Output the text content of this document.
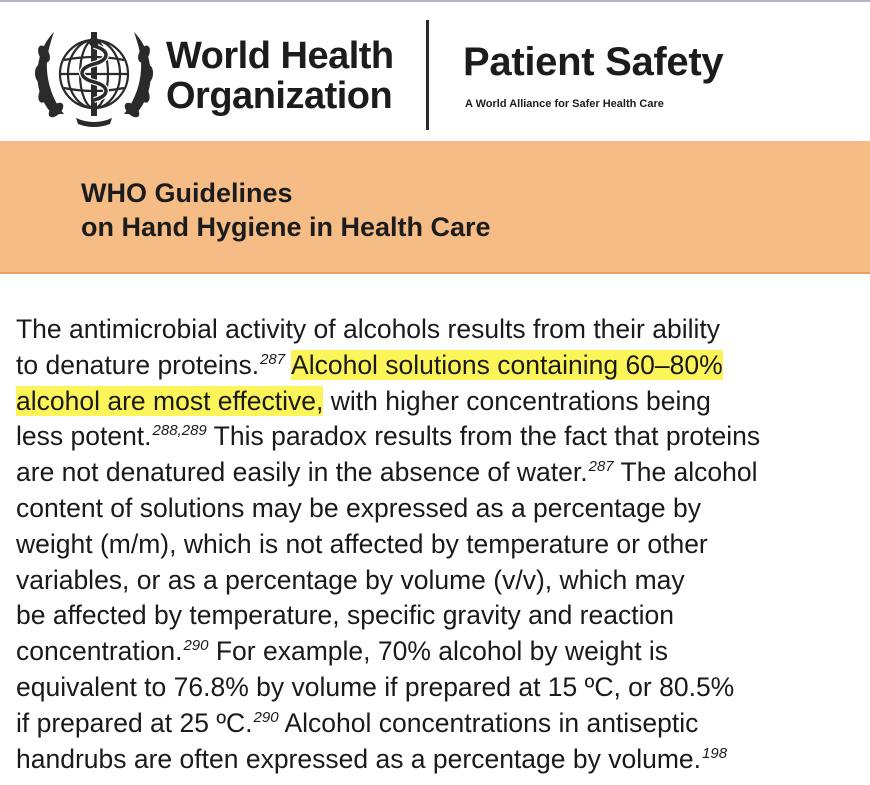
World Health
Organization
Patient Safety
A World Alliance for Safer Health Care
WHO Guidelines
on Hand Hygiene in Health Care
The antimicrobial activity of alcohols results from their ability
to denature proteins.$^{287}$ Alcohol solutions containing 60–80%
alcohol are most effective, with higher concentrations being
less potent.$^{288,289}$ This paradox results from the fact that proteins
are not denatured easily in the absence of water.$^{287}$ The alcohol
content of solutions may be expressed as a percentage by
weight (m/m), which is not affected by temperature or other
variables, or as a percentage by volume (v/v), which may
be affected by temperature, specific gravity and reaction
concentration.$^{290}$ For example, 70% alcohol by weight is
equivalent to 76.8% by volume if prepared at 15 ºC, or 80.5%
if prepared at 25 ºC.$^{290}$ Alcohol concentrations in antiseptic
handrubs are often expressed as a percentage by volume.$^{198}$
